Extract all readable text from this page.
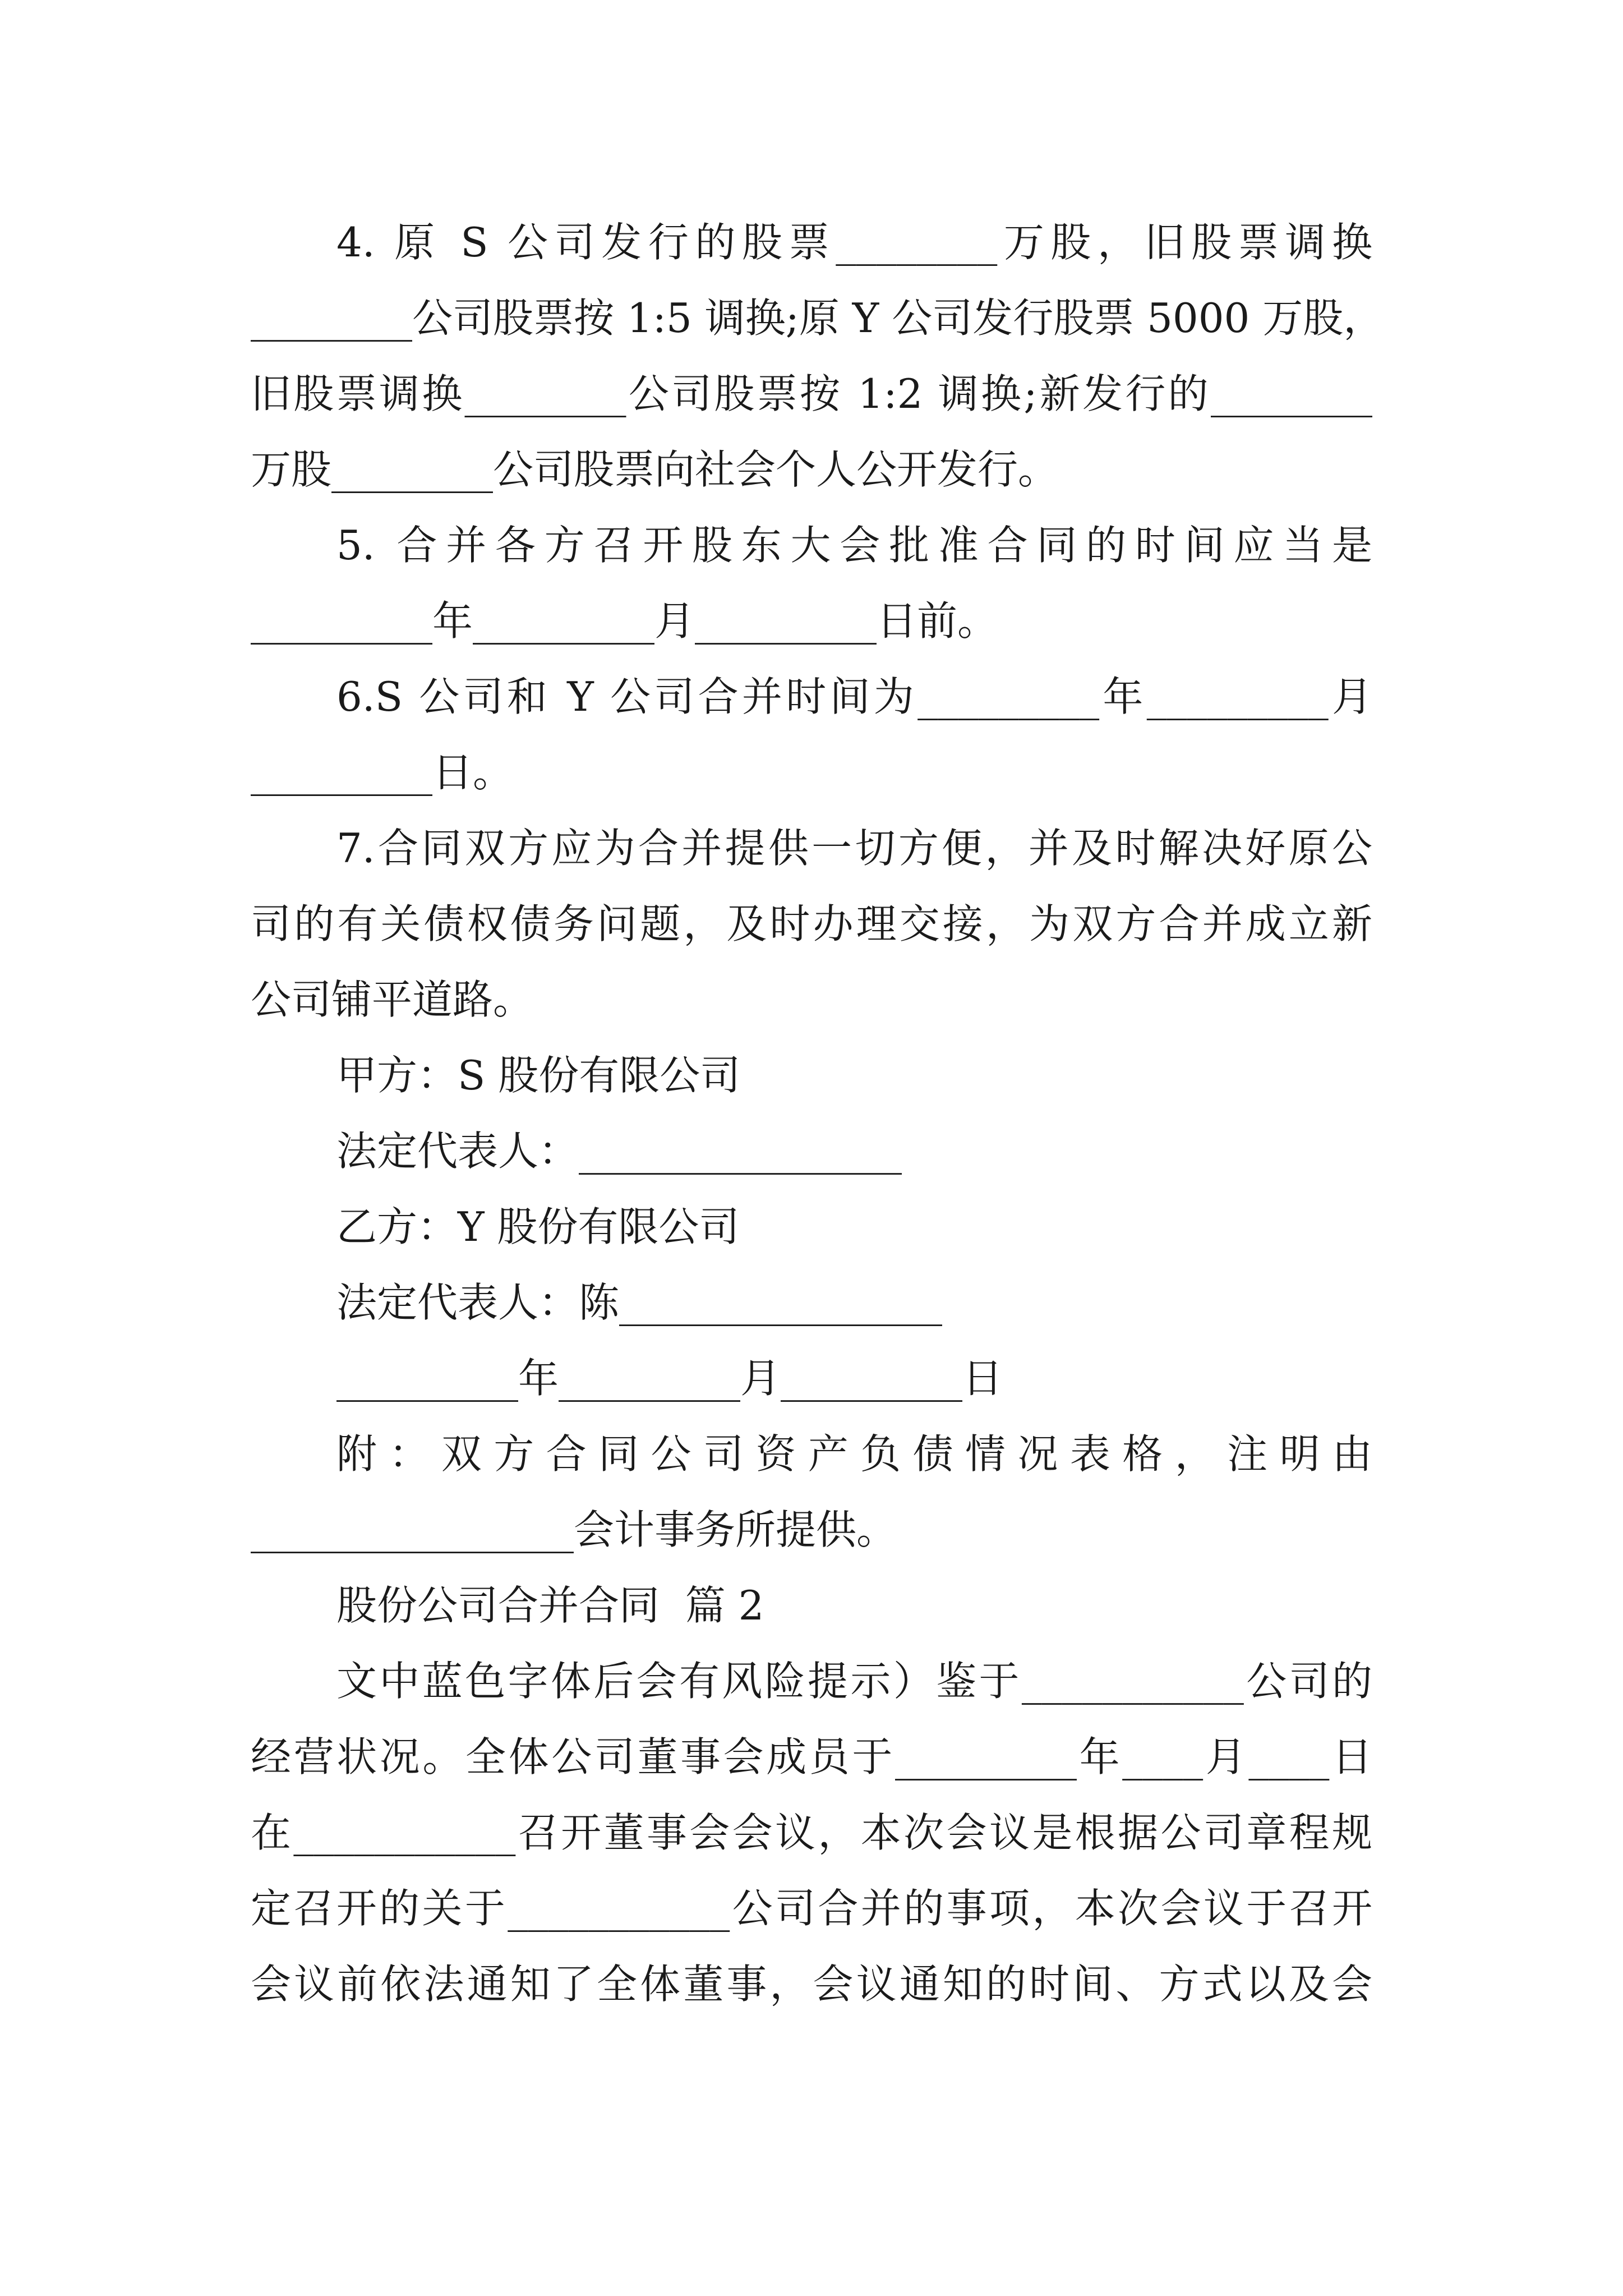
4. 原 S 公司发行的股票________万股，旧股票调换

________公司股票按 1:5 调换;原 Y 公司发行股票 5000 万股，

旧股票调换________公司股票按 1:2 调换;新发行的________

万股________公司股票向社会个人公开发行。

5. 合并各方召开股东大会批准合同的时间应当是

_________年_________月_________日前。

6.S 公司和 Y 公司合并时间为_________年_________月

_________日。

7.合同双方应为合并提供一切方便，并及时解决好原公

司的有关债权债务问题，及时办理交接，为双方合并成立新

公司铺平道路。

甲方：S 股份有限公司

法定代表人：________________

乙方：Y 股份有限公司

法定代表人：陈________________

_________年_________月_________日

附：双方合同公司资产负债情况表格，注明由

________________会计事务所提供。

股份公司合并合同  篇 2

文中蓝色字体后会有风险提示）鉴于___________公司的

经营状况。全体公司董事会成员于_________年____月____日

在___________召开董事会会议，本次会议是根据公司章程规

定召开的关于___________公司合并的事项，本次会议于召开

会议前依法通知了全体董事，会议通知的时间、方式以及会
